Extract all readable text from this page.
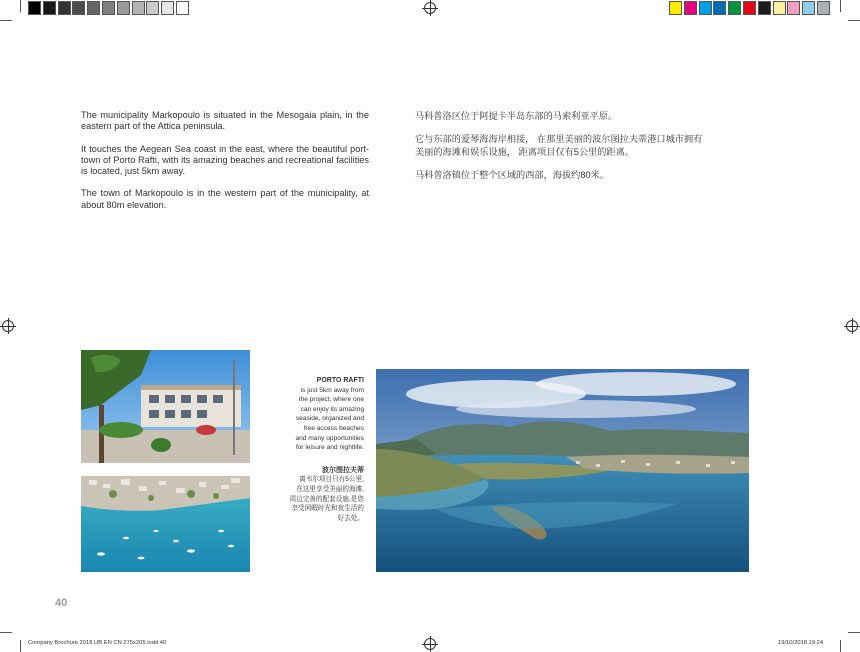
The municipality Markopoulo is situated in the Mesogaia plain, in the eastern part of the Attica peninsula.

It touches the Aegean Sea coast in the east, where the beautiful port-town of Porto Rafti, with its amazing beaches and recreational facilities is located, just 5km away.

The town of Markopoulo is in the western part of the municipality, at about 80m elevation.

马科普洛区位于阿提卡半岛东部的马索利亚平原。

它与东部的爱琴海海岸相接， 在那里美丽的波尔图拉夫蒂港口城市拥有美丽的海滩和娱乐设施， 距离项目仅有5公里的距离。

马科普洛镇位于整个区域的西部，海拔约80米。

PORTO RAFTI
is just 5km away from
the project, where one
can enjoy its amazing
seaside, organized and
free access beaches
and many opportunities
for leisure and nightlife.
波尔图拉夫蒂
离韦尔项目只有5公里,
在这里享受美丽的海滩,
周边完善的配套设施,是您
享受闲暇时光和夜生活的
好去处。
40
Company Brochure 2018 UB EN CN 275x205.indd 40	19/10/2018 19:24
